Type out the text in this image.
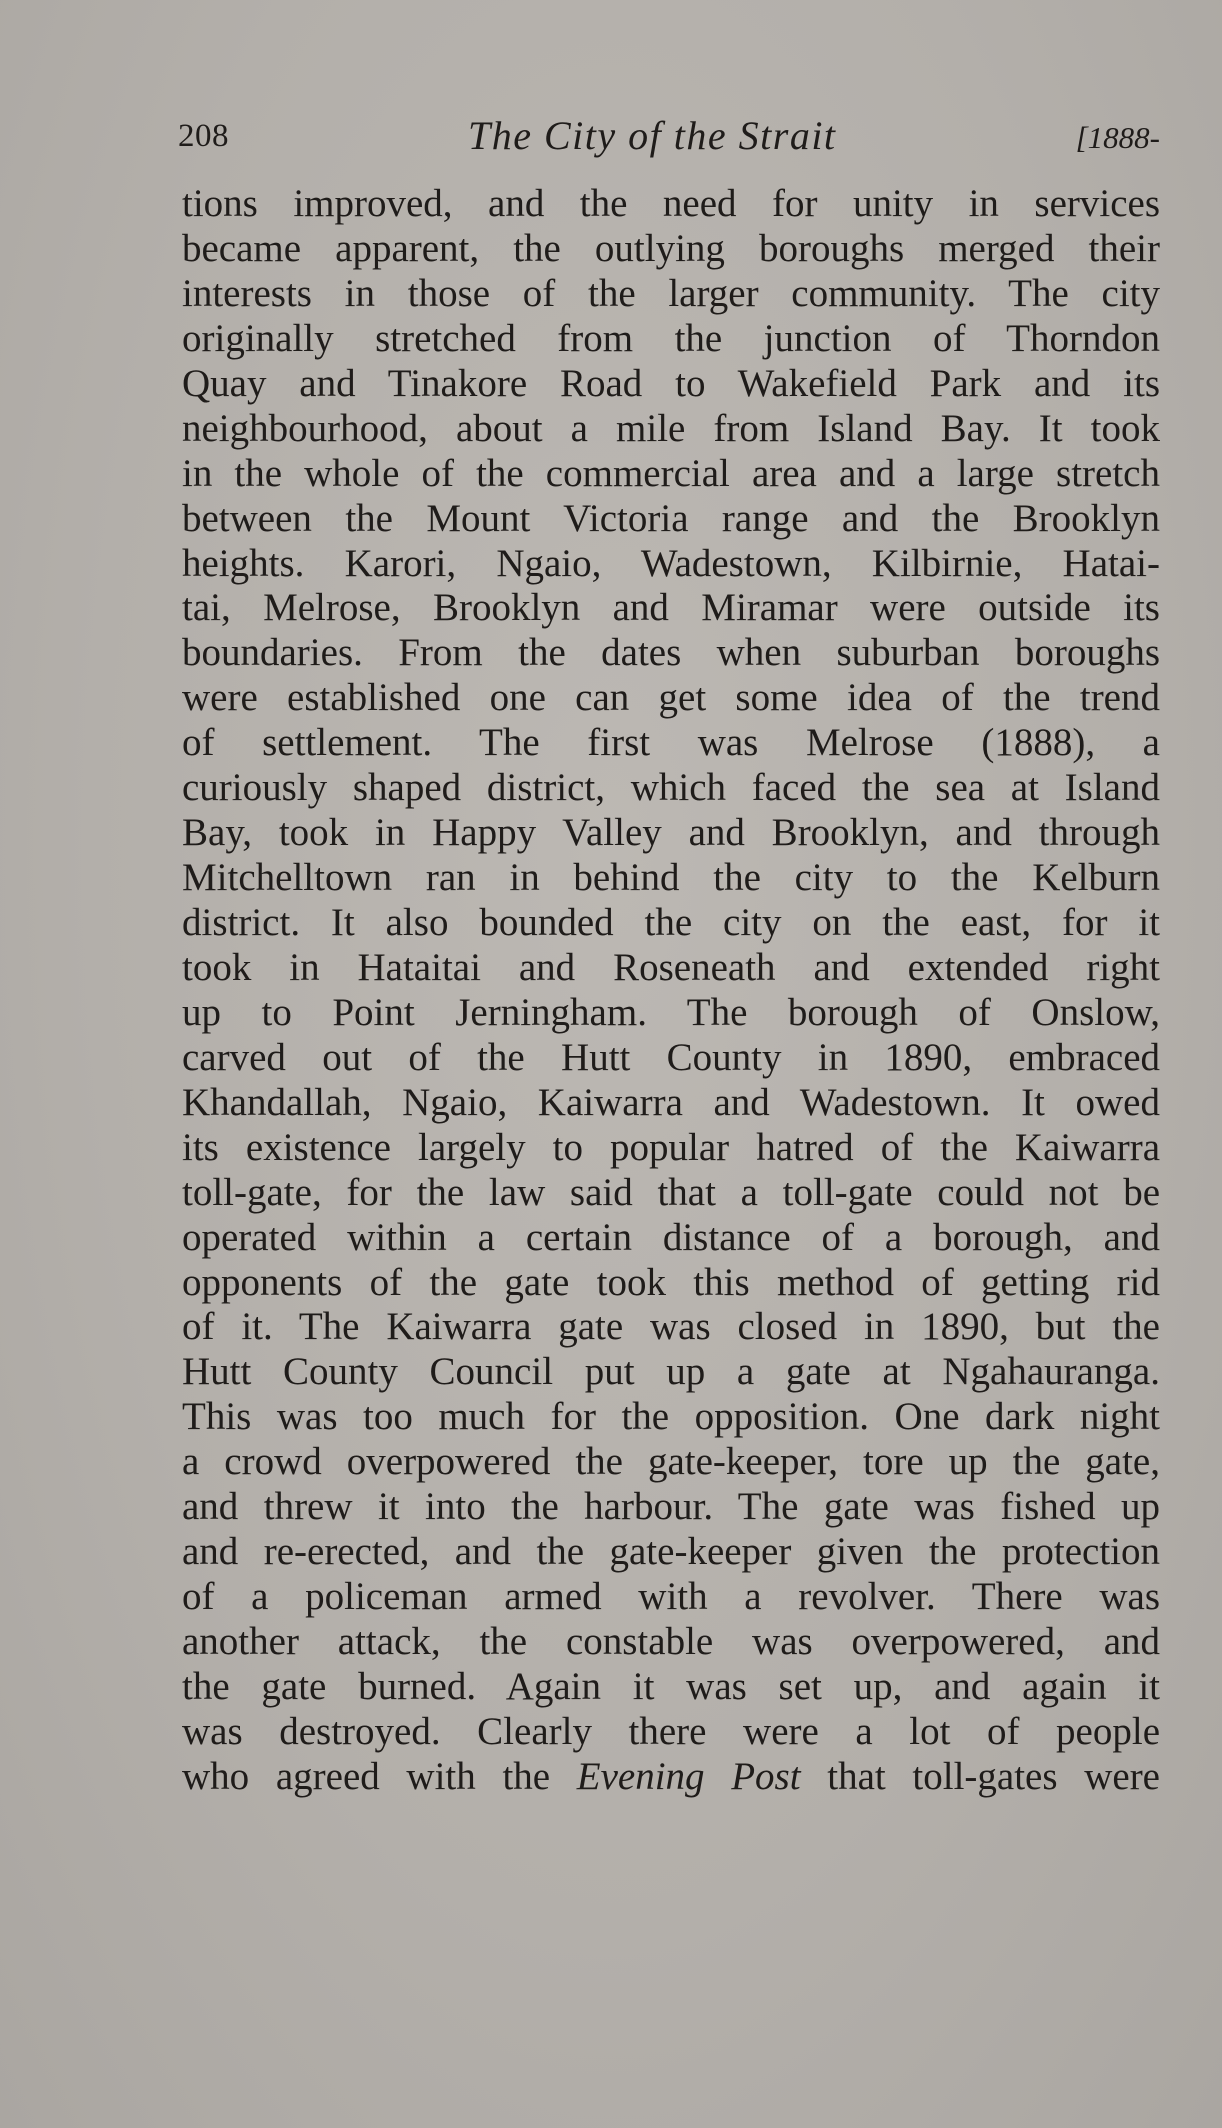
208	The City of the Strait	[1888-
tions improved, and the need for unity in services
became apparent, the outlying boroughs merged their
interests in those of the larger community. The city
originally stretched from the junction of Thorndon
Quay and Tinakore Road to Wakefield Park and its
neighbourhood, about a mile from Island Bay. It took
in the whole of the commercial area and a large stretch
between the Mount Victoria range and the Brooklyn
heights. Karori, Ngaio, Wadestown, Kilbirnie, Hatai-
tai, Melrose, Brooklyn and Miramar were outside its
boundaries. From the dates when suburban boroughs
were established one can get some idea of the trend
of settlement. The first was Melrose (1888), a
curiously shaped district, which faced the sea at Island
Bay, took in Happy Valley and Brooklyn, and through
Mitchelltown ran in behind the city to the Kelburn
district. It also bounded the city on the east, for it
took in Hataitai and Roseneath and extended right
up to Point Jerningham. The borough of Onslow,
carved out of the Hutt County in 1890, embraced
Khandallah, Ngaio, Kaiwarra and Wadestown. It owed
its existence largely to popular hatred of the Kaiwarra
toll-gate, for the law said that a toll-gate could not be
operated within a certain distance of a borough, and
opponents of the gate took this method of getting rid
of it. The Kaiwarra gate was closed in 1890, but the
Hutt County Council put up a gate at Ngahauranga.
This was too much for the opposition. One dark night
a crowd overpowered the gate-keeper, tore up the gate,
and threw it into the harbour. The gate was fished up
and re-erected, and the gate-keeper given the protection
of a policeman armed with a revolver. There was
another attack, the constable was overpowered, and
the gate burned. Again it was set up, and again it
was destroyed. Clearly there were a lot of people
who agreed with the Evening Post that toll-gates were
